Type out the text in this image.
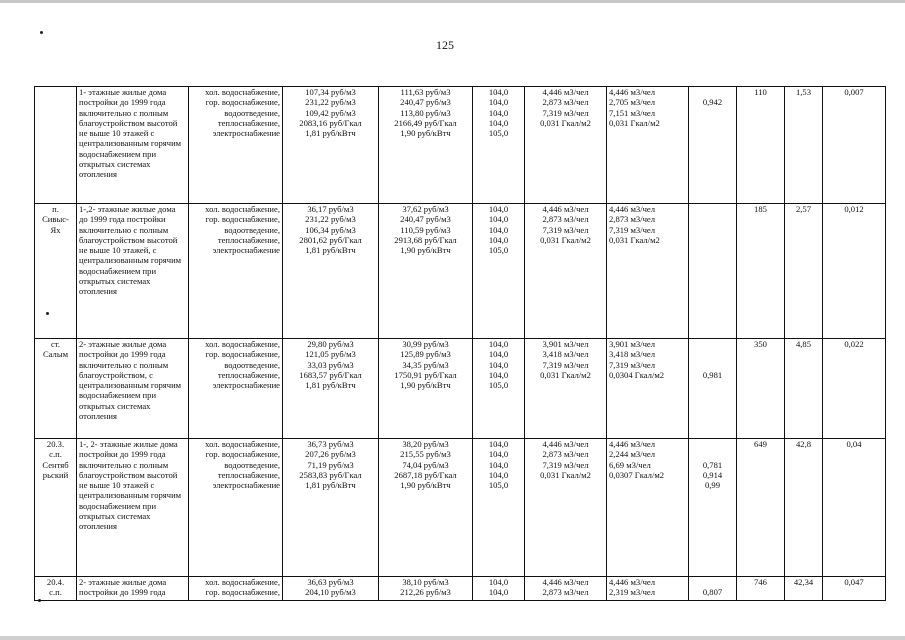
125
	1- этажные жилые дома постройки до 1999 года включительно с полным благоустройством высотой не выше 10 этажей с централизованным горячим водоснабжением при открытых системах отопления	хол. водоснабжение,
гор. водоснабжение,
водоотведение,
теплоснабжение,
электроснабжение	107,34 руб/м3
231,22 руб/м3
109,42 руб/м3
2083,16 руб/Гкал
1,81 руб/кВтч	111,63 руб/м3
240,47 руб/м3
113,80 руб/м3
2166,49 руб/Гкал
1,90 руб/кВтч	104,0
104,0
104,0
104,0
105,0	4,446 м3/чел
2,873 м3/чел
7,319 м3/чел
0,031 Гкал/м2	4,446 м3/чел
2,705 м3/чел
7,151 м3/чел
0,031 Гкал/м2	0,942	110	1,53	0,007

п.
Сивыс-
Ях	1-,2- этажные жилые дома до 1999 года постройки включительно с полным благоустройством высотой не выше 10 этажей, с централизованным горячим водоснабжением при открытых системах отопления	хол. водоснабжение,
гор. водоснабжение,
водоотведение,
теплоснабжение,
электроснабжение	36,17 руб/м3
231,22 руб/м3
106,34 руб/м3
2801,62 руб/Гкал
1,81 руб/кВтч	37,62 руб/м3
240,47 руб/м3
110,59 руб/м3
2913,68 руб/Гкал
1,90 руб/кВтч	104,0
104,0
104,0
104,0
105,0	4,446 м3/чел
2,873 м3/чел
7,319 м3/чел
0,031 Гкал/м2	4,446 м3/чел
2,873 м3/чел
7,319 м3/чел
0,031 Гкал/м2		185	2,57	0,012

ст.
Салым	2- этажные жилые дома постройки до 1999 года включительно с полным благоустройством, с централизованным горячим водоснабжением при открытых системах отопления	хол. водоснабжение,
гор. водоснабжение,
водоотведение,
теплоснабжение,
электроснабжение	29,80 руб/м3
121,05 руб/м3
33,03 руб/м3
1683,57 руб/Гкал
1,81 руб/кВтч	30,99 руб/м3
125,89 руб/м3
34,35 руб/м3
1750,91 руб/Гкал
1,90 руб/кВтч	104,0
104,0
104,0
104,0
105,0	3,901 м3/чел
3,418 м3/чел
7,319 м3/чел
0,031 Гкал/м2	3,901 м3/чел
3,418 м3/чел
7,319 м3/чел
0,0304 Гкал/м2	0,981	350	4,85	0,022

20.3.
с.п.
Сентяб
рьский	1-, 2- этажные жилые дома постройки до 1999 года включительно с полным благоустройством высотой не выше 10 этажей с централизованным горячим водоснабжением при открытых системах отопления	хол. водоснабжение,
гор. водоснабжение,
водоотведение,
теплоснабжение,
электроснабжение	36,73 руб/м3
207,26 руб/м3
71,19 руб/м3
2583,83 руб/Гкал
1,81 руб/кВтч	38,20 руб/м3
215,55 руб/м3
74,04 руб/м3
2687,18 руб/Гкал
1,90 руб/кВтч	104,0
104,0
104,0
104,0
105,0	4,446 м3/чел
2,873 м3/чел
7,319 м3/чел
0,031 Гкал/м2	4,446 м3/чел
2,244 м3/чел
6,69 м3/чел
0,0307 Гкал/м2	0,781
0,914
0,99	649	42,8	0,04

20.4.
с.п.	2- этажные жилые дома постройки до 1999 года	хол. водоснабжение,
гор. водоснабжение,	36,63 руб/м3
204,10 руб/м3	38,10 руб/м3
212,26 руб/м3	104,0
104,0	4,446 м3/чел
2,873 м3/чел	4,446 м3/чел
2,319 м3/чел	0,807	746	42,34	0,047
